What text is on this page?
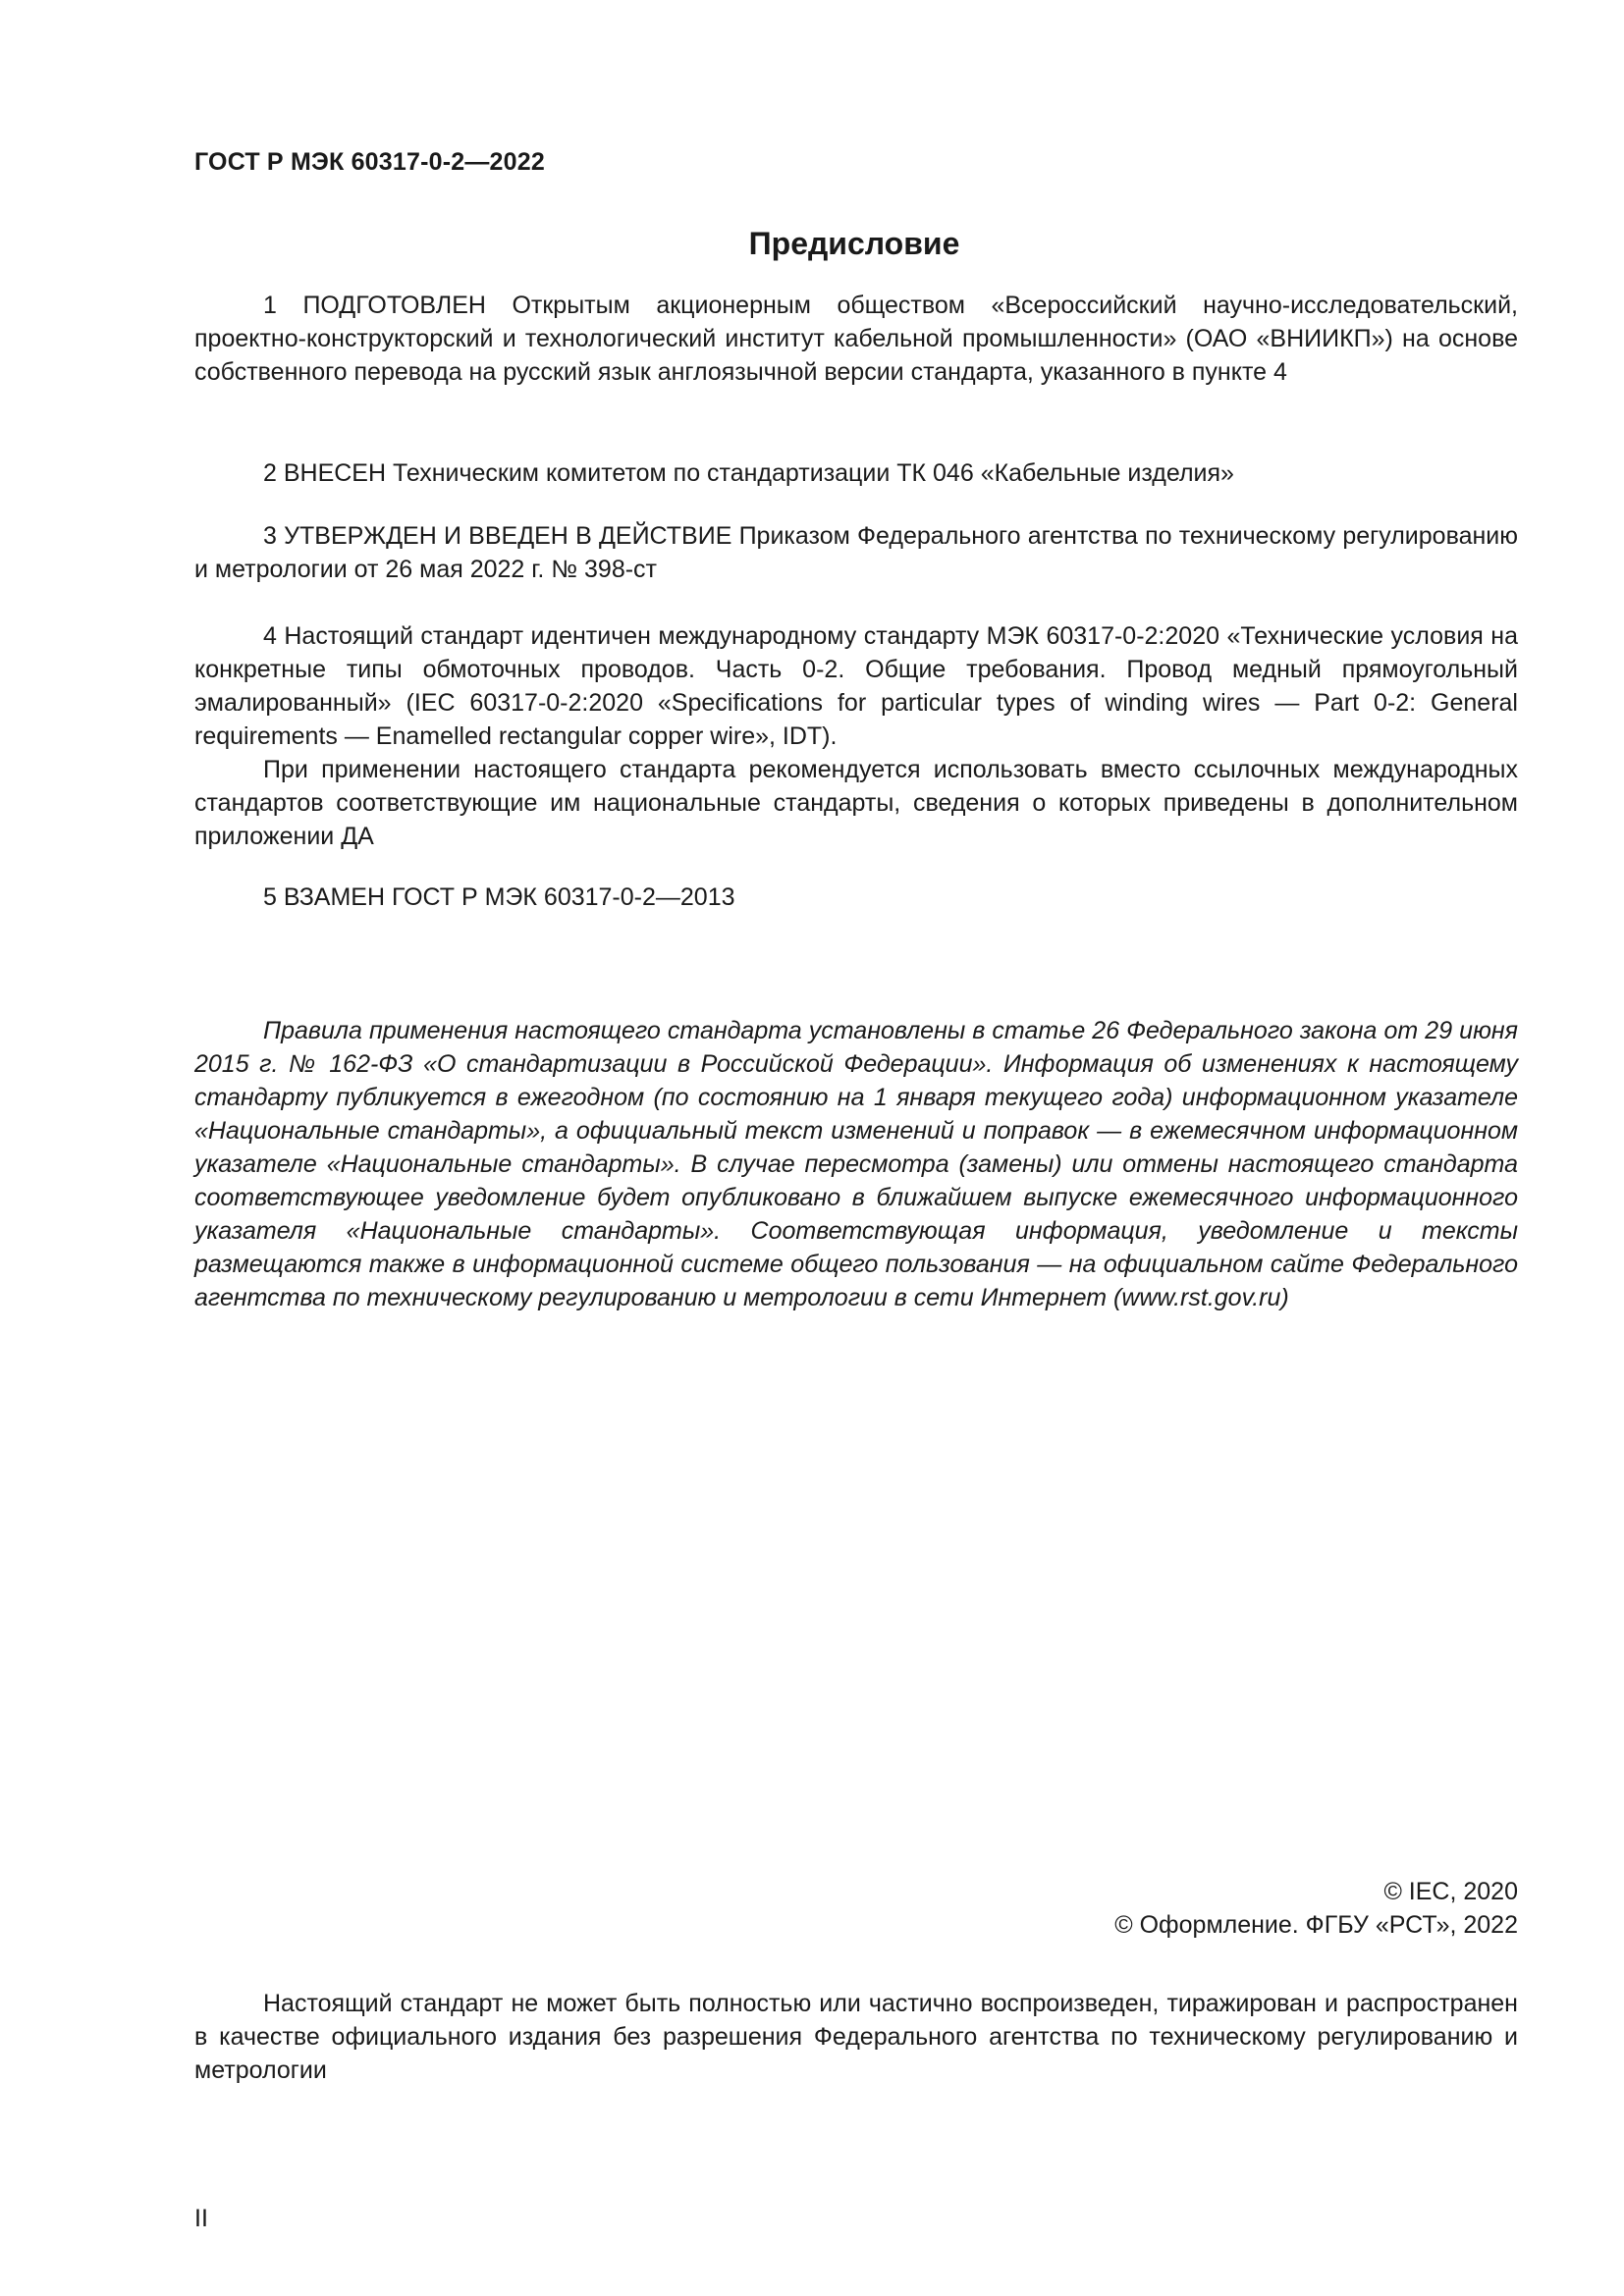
ГОСТ Р МЭК 60317-0-2—2022
Предисловие

1 ПОДГОТОВЛЕН Открытым акционерным обществом «Всероссийский научно-исследовательский, проектно-конструкторский и технологический институт кабельной промышленности» (ОАО «ВНИИКП») на основе собственного перевода на русский язык англоязычной версии стандарта, указанного в пункте 4

2 ВНЕСЕН Техническим комитетом по стандартизации ТК 046 «Кабельные изделия»

3 УТВЕРЖДЕН И ВВЕДЕН В ДЕЙСТВИЕ Приказом Федерального агентства по техническому регулированию и метрологии от 26 мая 2022 г. № 398-ст

4 Настоящий стандарт идентичен международному стандарту МЭК 60317-0-2:2020 «Технические условия на конкретные типы обмоточных проводов. Часть 0-2. Общие требования. Провод медный прямоугольный эмалированный» (IEC 60317-0-2:2020 «Specifications for particular types of winding wires — Part 0-2: General requirements — Enamelled rectangular copper wire», IDT).

При применении настоящего стандарта рекомендуется использовать вместо ссылочных международных стандартов соответствующие им национальные стандарты, сведения о которых приведены в дополнительном приложении ДА

5 ВЗАМЕН ГОСТ Р МЭК 60317-0-2—2013

Правила применения настоящего стандарта установлены в статье 26 Федерального закона от 29 июня 2015 г. № 162-ФЗ «О стандартизации в Российской Федерации». Информация об изменениях к настоящему стандарту публикуется в ежегодном (по состоянию на 1 января текущего года) информационном указателе «Национальные стандарты», а официальный текст изменений и поправок — в ежемесячном информационном указателе «Национальные стандарты». В случае пересмотра (замены) или отмены настоящего стандарта соответствующее уведомление будет опубликовано в ближайшем выпуске ежемесячного информационного указателя «Национальные стандарты». Соответствующая информация, уведомление и тексты размещаются также в информационной системе общего пользования — на официальном сайте Федерального агентства по техническому регулированию и метрологии в сети Интернет (www.rst.gov.ru)

© IEC, 2020
© Оформление. ФГБУ «РСТ», 2022

Настоящий стандарт не может быть полностью или частично воспроизведен, тиражирован и распространен в качестве официального издания без разрешения Федерального агентства по техническому регулированию и метрологии

II
